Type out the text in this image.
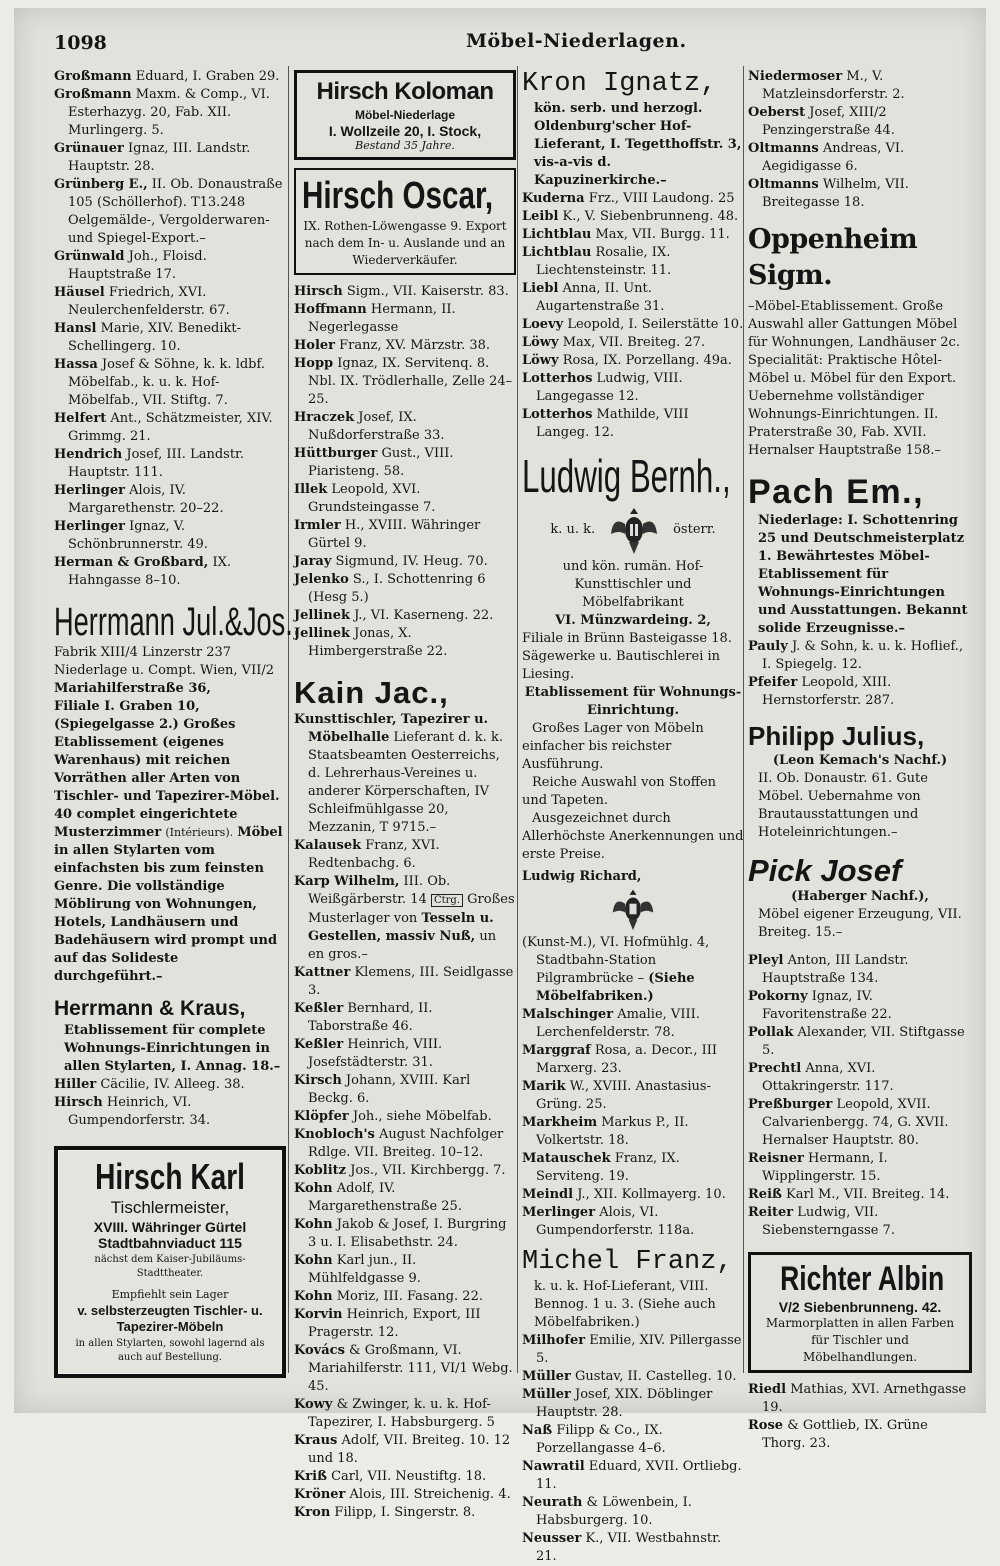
1098	Möbel-Niederlagen.
Großmann Eduard, I. Graben 29.
Großmann Maxm. & Comp., VI. Esterhazyg. 20, Fab. XII. Murlingerg. 5.
Grünauer Ignaz, III. Landstr. Hauptstr. 28.
Grünberg E., II. Ob. Donaustraße 105 (Schöllerhof). T13.248 Oelgemälde-, Vergolderwaren- und Spiegel-Export.–
Grünwald Joh., Floisd. Hauptstraße 17.
Häusel Friedrich, XVI. Neulerchenfelderstr. 67.
Hansl Marie, XIV. Benedikt-Schellingerg. 10.
Hassa Josef & Söhne, k. k. ldbf. Möbelfab., k. u. k. Hof-Möbelfab., VII. Stiftg. 7.
Helfert Ant., Schätzmeister, XIV. Grimmg. 21.
Hendrich Josef, III. Landstr. Hauptstr. 111.
Herlinger Alois, IV. Margarethenstr. 20–22.
Herlinger Ignaz, V. Schönbrunnerstr. 49.
Herman & Großbard, IX. Hahngasse 8–10.
Herrmann Jul.&Jos.,
Fabrik XIII/4 Linzerstr 237 Niederlage u. Compt. Wien, VII/2
Mariahilferstraße 36,
Filiale I. Graben 10,
(Spiegelgasse 2.) Großes Etablissement (eigenes Warenhaus) mit reichen Vorräthen aller Arten von Tischler- und Tapezirer-Möbel.
40 complet eingerichtete Musterzimmer (Intérieurs). Möbel in allen Stylarten vom einfachsten bis zum feinsten Genre. Die vollständige Möblirung von Wohnungen, Hotels, Landhäusern und Badehäusern wird prompt und auf das Solideste durchgeführt.–
Herrmann & Kraus,
Etablissement für complete Wohnungs-Einrichtungen in allen Stylarten, I. Annag. 18.–
Hiller Cäcilie, IV. Alleeg. 38.
Hirsch Heinrich, VI. Gumpendorferstr. 34.
Hirsch Karl
Tischlermeister,
XVIII. Währinger Gürtel
Stadtbahnviaduct 115
nächst dem Kaiser-Jubiläums-Stadttheater.
Empfiehlt sein Lager
v. selbsterzeugten Tischler- u. Tapezirer-Möbeln
in allen Stylarten, sowohl lagernd als auch auf Bestellung.
Hirsch Koloman
Möbel-Niederlage
I. Wollzeile 20, I. Stock,
Bestand 35 Jahre.
Hirsch Oscar,
IX. Rothen-Löwengasse 9. Export nach dem In- u. Auslande und an Wiederverkäufer.
Hirsch Sigm., VII. Kaiserstr. 83.
Hoffmann Hermann, II. Negerlegasse
Holer Franz, XV. Märzstr. 38.
Hopp Ignaz, IX. Servitenq. 8. Nbl. IX. Trödlerhalle, Zelle 24–25.
Hraczek Josef, IX. Nußdorferstraße 33.
Hüttburger Gust., VIII. Piaristeng. 58.
Illek Leopold, XVI. Grundsteingasse 7.
Irmler H., XVIII. Währinger Gürtel 9.
Jaray Sigmund, IV. Heug. 70.
Jelenko S., I. Schottenring 6 (Hesg 5.)
Jellinek J., VI. Kaserneng. 22.
Jellinek Jonas, X. Himbergerstraße 22.
Kain Jac.,
Kunsttischler, Tapezirer u. Möbelhalle Lieferant d. k. k. Staatsbeamten Oesterreichs, d. Lehrerhaus-Vereines u. anderer Körperschaften, IV Schleifmühlgasse 20, Mezzanin, T 9715.–
Kalausek Franz, XVI. Redtenbachg. 6.
Karp Wilhelm, III. Ob. Weißgärberstr. 14 Ctrg. Großes Musterlager von Tesseln u. Gestellen, massiv Nuß, un en gros.–
Kattner Klemens, III. Seidlgasse 3.
Keßler Bernhard, II. Taborstraße 46.
Keßler Heinrich, VIII. Josefstädterstr. 31.
Kirsch Johann, XVIII. Karl Beckg. 6.
Klöpfer Joh., siehe Möbelfab.
Knobloch's August Nachfolger Rdlge. VII. Breiteg. 10–12.
Koblitz Jos., VII. Kirchbergg. 7.
Kohn Adolf, IV. Margarethenstraße 25.
Kohn Jakob & Josef, I. Burgring 3 u. I. Elisabethstr. 24.
Kohn Karl jun., II. Mühlfeldgasse 9.
Kohn Moriz, III. Fasang. 22.
Korvin Heinrich, Export, III Pragerstr. 12.
Kovács & Großmann, VI. Mariahilferstr. 111, VI/1 Webg. 45.
Kowy & Zwinger, k. u. k. Hof-Tapezirer, I. Habsburgerg. 5
Kraus Adolf, VII. Breiteg. 10. 12 und 18.
Kriß Carl, VII. Neustiftg. 18.
Kröner Alois, III. Streichenig. 4.
Kron Filipp, I. Singerstr. 8.
Kron Ignatz,
kön. serb. und herzogl. Oldenburg'scher Hof-Lieferant, I. Tegetthoffstr. 3, vis-a-vis d. Kapuzinerkirche.–
Kuderna Frz., VIII Laudong. 25
Leibl K., V. Siebenbrunneng. 48.
Lichtblau Max, VII. Burgg. 11.
Lichtblau Rosalie, IX. Liechtensteinstr. 11.
Liebl Anna, II. Unt. Augartenstraße 31.
Loevy Leopold, I. Seilerstätte 10.
Löwy Max, VII. Breiteg. 27.
Löwy Rosa, IX. Porzellang. 49a.
Lotterhos Ludwig, VIII. Langegasse 12.
Lotterhos Mathilde, VIII Langeg. 12.
Ludwig Bernh.,
k. u. k.	österr.
und kön. rumän. Hof-Kunsttischler und Möbelfabrikant
VI. Münzwardeing. 2,
Filiale in Brünn Basteigasse 18. Sägewerke u. Bautischlerei in Liesing.
Etablissement für Wohnungs-Einrichtung.
Großes Lager von Möbeln einfacher bis reichster Ausführung.
Reiche Auswahl von Stoffen und Tapeten.
Ausgezeichnet durch Allerhöchste Anerkennungen und erste Preise.
Ludwig Richard,
(Kunst-M.), VI. Hofmühlg. 4, Stadtbahn-Station Pilgrambrücke – (Siehe Möbelfabriken.)
Malschinger Amalie, VIII. Lerchenfelderstr. 78.
Marggraf Rosa, a. Decor., III Marxerg. 23.
Marik W., XVIII. Anastasius-Grüng. 25.
Markheim Markus P., II. Volkertstr. 18.
Matauschek Franz, IX. Serviteng. 19.
Meindl J., XII. Kollmayerg. 10.
Merlinger Alois, VI. Gumpendorferstr. 118a.
Michel Franz,
k. u. k. Hof-Lieferant, VIII. Bennog. 1 u. 3. (Siehe auch Möbelfabriken.)
Milhofer Emilie, XIV. Pillergasse 5.
Müller Gustav, II. Castelleg. 10.
Müller Josef, XIX. Döblinger Hauptstr. 28.
Naß Filipp & Co., IX. Porzellangasse 4–6.
Nawratil Eduard, XVII. Ortliebg. 11.
Neurath & Löwenbein, I. Habsburgerg. 10.
Neusser K., VII. Westbahnstr. 21.
Niedermoser M., V. Matzleinsdorferstr. 2.
Oeberst Josef, XIII/2 Penzingerstraße 44.
Oltmanns Andreas, VI. Aegidigasse 6.
Oltmanns Wilhelm, VII. Breitegasse 18.
Oppenheim Sigm.
–Möbel-Etablissement. Große Auswahl aller Gattungen Möbel für Wohnungen, Landhäuser 2c. Specialität: Praktische Hôtel-Möbel u. Möbel für den Export. Uebernehme vollständiger Wohnungs-Einrichtungen. II. Praterstraße 30, Fab. XVII. Hernalser Hauptstraße 158.–
Pach Em.,
Niederlage: I. Schottenring 25 und Deutschmeisterplatz 1. Bewährtestes Möbel-Etablissement für Wohnungs-Einrichtungen und Ausstattungen. Bekannt solide Erzeugnisse.–
Pauly J. & Sohn, k. u. k. Hoflief., I. Spiegelg. 12.
Pfeifer Leopold, XIII. Hernstorferstr. 287.
Philipp Julius,
(Leon Kemach's Nachf.)
II. Ob. Donaustr. 61. Gute Möbel. Uebernahme von Brautausstattungen und Hoteleinrichtungen.–
Pick Josef
(Haberger Nachf.),
Möbel eigener Erzeugung, VII. Breiteg. 15.–
Pleyl Anton, III Landstr. Hauptstraße 134.
Pokorny Ignaz, IV. Favoritenstraße 22.
Pollak Alexander, VII. Stiftgasse 5.
Prechtl Anna, XVI. Ottakringerstr. 117.
Preßburger Leopold, XVII. Calvarienbergg. 74, G. XVII. Hernalser Hauptstr. 80.
Reisner Hermann, I. Wipplingerstr. 15.
Reiß Karl M., VII. Breiteg. 14.
Reiter Ludwig, VII. Siebensterngasse 7.
Richter Albin
V/2 Siebenbrunneng. 42.
Marmorplatten in allen Farben für Tischler und Möbelhandlungen.
Riedl Mathias, XVI. Arnethgasse 19.
Rose & Gottlieb, IX. Grüne Thorg. 23.
